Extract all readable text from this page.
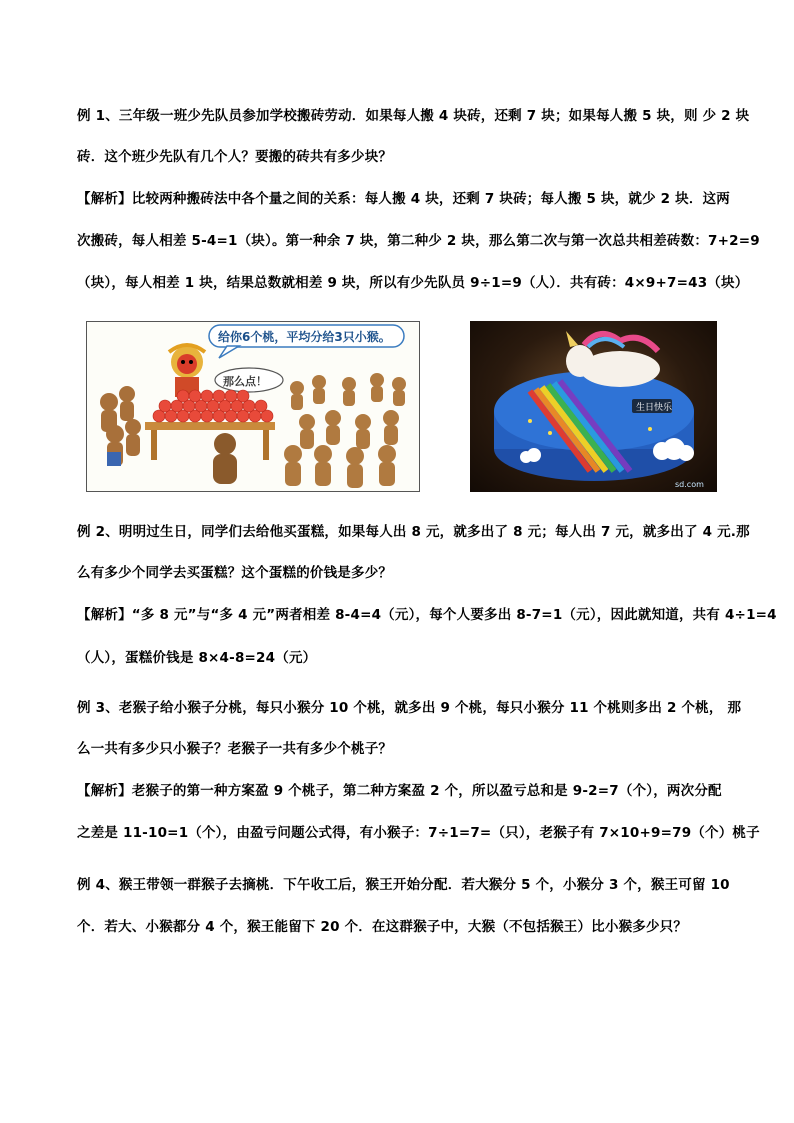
例 1、三年级一班少先队员参加学校搬砖劳动．如果每人搬 4 块砖，还剩 7 块；如果每人搬 5 块，则 少 2 块
砖．这个班少先队有几个人？要搬的砖共有多少块？
【解析】比较两种搬砖法中各个量之间的关系：每人搬 4 块，还剩 7 块砖；每人搬 5 块，就少 2 块．这两
次搬砖，每人相差 5-4=1（块）。第一种余 7 块，第二种少 2 块，那么第二次与第一次总共相差砖数：7+2=9
（块），每人相差 1 块，结果总数就相差 9 块，所以有少先队员 9÷1=9（人）．共有砖：4×9+7=43（块）
给你6个桃，平均分给3只小猴。
那么点！
生日快乐
sd.com
例 2、明明过生日，同学们去给他买蛋糕，如果每人出 8 元，就多出了 8 元；每人出 7 元，就多出了 4 元.那
么有多少个同学去买蛋糕？这个蛋糕的价钱是多少？
【解析】“多 8 元”与“多 4 元”两者相差 8-4=4（元），每个人要多出 8-7=1（元），因此就知道，共有 4÷1=4
（人），蛋糕价钱是 8×4-8=24（元）
例 3、老猴子给小猴子分桃，每只小猴分 10 个桃，就多出 9 个桃，每只小猴分 11 个桃则多出 2 个桃， 那
么一共有多少只小猴子？老猴子一共有多少个桃子？
【解析】老猴子的第一种方案盈 9 个桃子，第二种方案盈 2 个，所以盈亏总和是 9-2=7（个），两次分配
之差是 11-10=1（个），由盈亏问题公式得，有小猴子：7÷1=7=（只），老猴子有 7×10+9=79（个）桃子
例 4、猴王带领一群猴子去摘桃．下午收工后，猴王开始分配．若大猴分 5 个，小猴分 3 个，猴王可留 10
个．若大、小猴都分 4 个，猴王能留下 20 个．在这群猴子中，大猴（不包括猴王）比小猴多少只？
